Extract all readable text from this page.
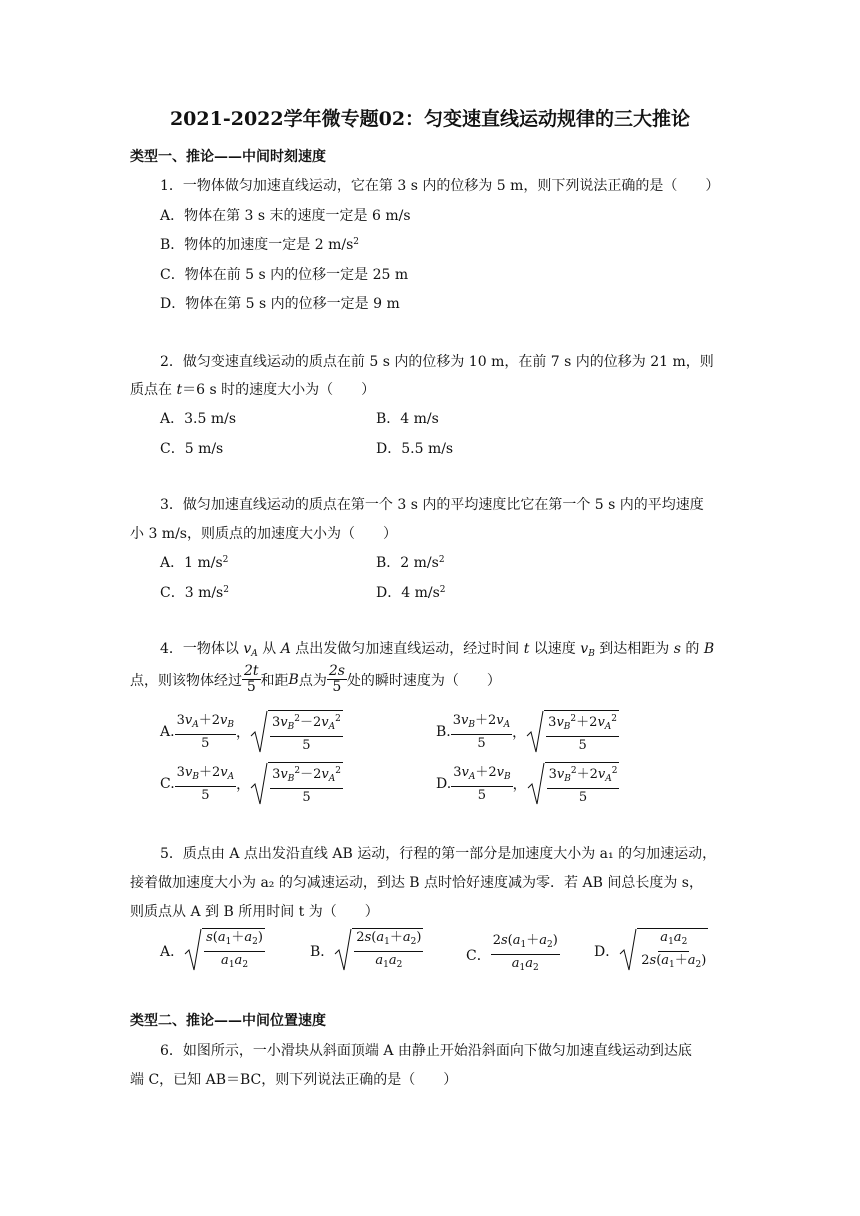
2021-2022学年微专题02：匀变速直线运动规律的三大推论
类型一、推论——中间时刻速度
1．一物体做匀加速直线运动，它在第 3 s 内的位移为 5 m，则下列说法正确的是（　　）
A．物体在第 3 s 末的速度一定是 6 m/s
B．物体的加速度一定是 2 $m/s^2$
C．物体在前 5 s 内的位移一定是 25 m
D．物体在第 5 s 内的位移一定是 9 m
2．做匀变速直线运动的质点在前 5 s 内的位移为 10 m，在前 7 s 内的位移为 21 m，则
质点在 t＝6 s 时的速度大小为（　　）
A．3.5 m/s	B．4 m/s
C．5 m/s	D．5.5 m/s
3．做匀加速直线运动的质点在第一个 3 s 内的平均速度比它在第一个 5 s 内的平均速度
小 3 m/s，则质点的加速度大小为（　　）
A．1 $m/s^2$	B．2 $m/s^2$
C．3 $m/s^2$	D．4 $m/s^2$
4．一物体以 $v_A$ 从 A 点出发做匀加速直线运动，经过时间 t 以速度 $v_B$ 到达相距为 s 的 B
点，则该物体经过 $\frac{2t}{5}$ 和距 B 点为 $\frac{2s}{5}$ 处的瞬时速度为（　　）
A. $\frac{3v_A+2v_B}{5}$ ， $\frac{3v_B^2-2v_A^2}{5}$	B. $\frac{3v_B+2v_A}{5}$ ， $\frac{3v_B^2+2v_A^2}{5}$
C. $\frac{3v_B+2v_A}{5}$ ， $\frac{3v_B^2-2v_A^2}{5}$	D. $\frac{3v_A+2v_B}{5}$ ， $\frac{3v_B^2+2v_A^2}{5}$
5．质点由 A 点出发沿直线 AB 运动，行程的第一部分是加速度大小为 a₁ 的匀加速运动，
接着做加速度大小为 a₂ 的匀减速运动，到达 B 点时恰好速度减为零．若 AB 间总长度为 s，
则质点从 A 到 B 所用时间 t 为（　　）
A． $\frac{s(a_1+a_2)}{a_1a_2}$	B． $\frac{2s(a_1+a_2)}{a_1a_2}$	C． $\frac{2s(a_1+a_2)}{a_1a_2}$ D． $\frac{a_1a_2}{2s(a_1+a_2)}$
类型二、推论——中间位置速度
6．如图所示，一小滑块从斜面顶端 A 由静止开始沿斜面向下做匀加速直线运动到达底
端 C，已知 AB＝BC，则下列说法正确的是（　　）
